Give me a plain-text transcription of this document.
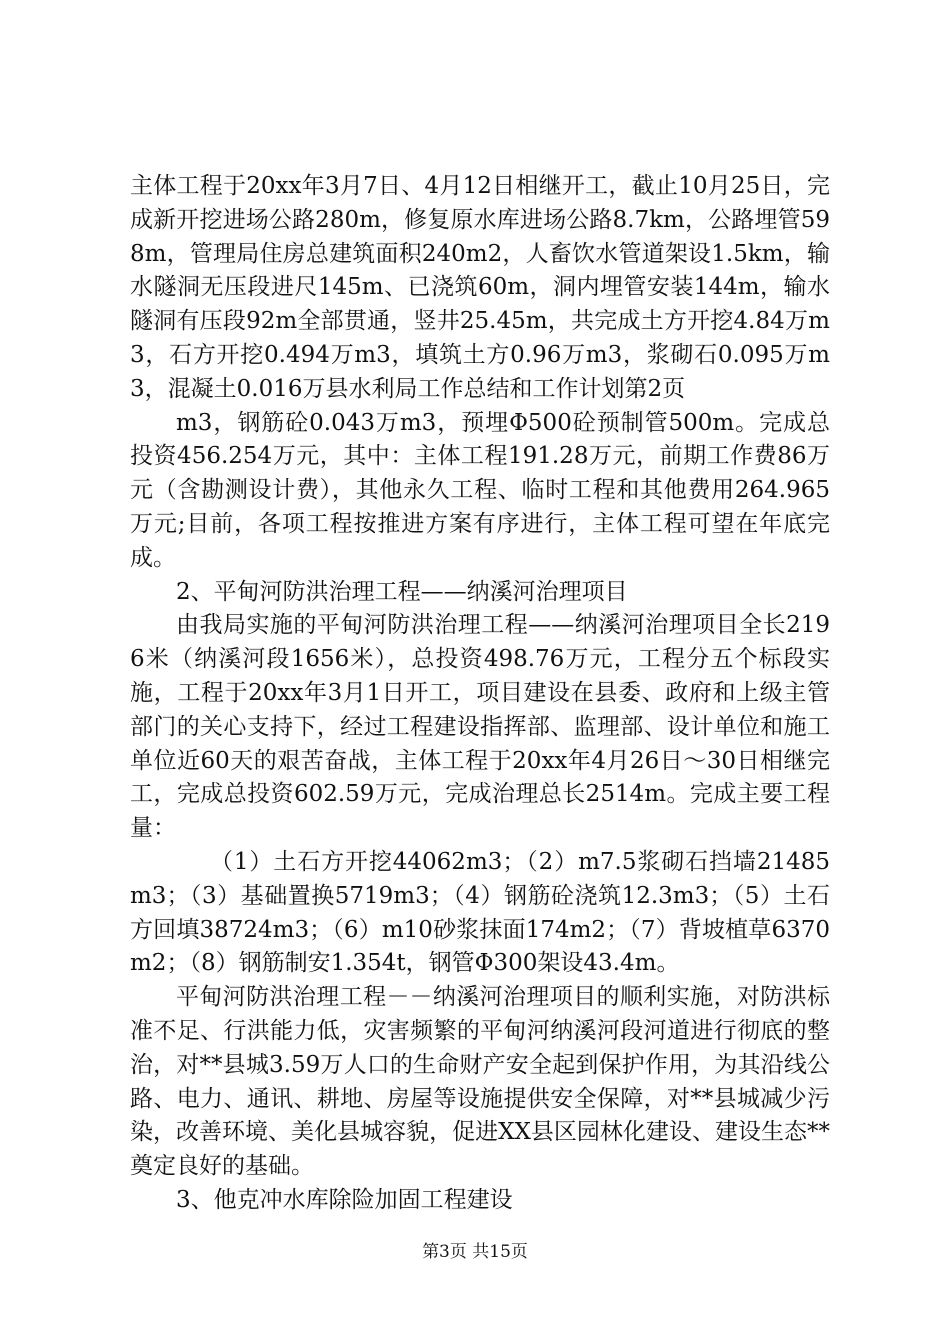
主体工程于20xx年3月7日、4月12日相继开工，截止10月25日，完成新开挖进场公路280m，修复原水库进场公路8.7km，公路埋管598m，管理局住房总建筑面积240m2，人畜饮水管道架设1.5km，输水隧洞无压段进尺145m、已浇筑60m，洞内埋管安装144m，输水隧洞有压段92m全部贯通，竖井25.45m，共完成土方开挖4.84万m3，石方开挖0.494万m3，填筑土方0.96万m3，浆砌石0.095万m3，混凝土0.016万县水利局工作总结和工作计划第2页

m3，钢筋砼0.043万m3，预埋Φ500砼预制管500m。完成总投资456.254万元，其中：主体工程191.28万元，前期工作费86万元（含勘测设计费），其他永久工程、临时工程和其他费用264.965万元;目前，各项工程按推进方案有序进行，主体工程可望在年底完成。

2、平甸河防洪治理工程——纳溪河治理项目

由我局实施的平甸河防洪治理工程——纳溪河治理项目全长2196米（纳溪河段1656米），总投资498.76万元，工程分五个标段实施，工程于20xx年3月1日开工，项目建设在县委、政府和上级主管部门的关心支持下，经过工程建设指挥部、监理部、设计单位和施工单位近60天的艰苦奋战，主体工程于20xx年4月26日～30日相继完工，完成总投资602.59万元，完成治理总长2514m。完成主要工程量：

（1）土石方开挖44062m3；（2）m7.5浆砌石挡墙21485m3；（3）基础置换5719m3；（4）钢筋砼浇筑12.3m3；（5）土石方回填38724m3；（6）m10砂浆抹面174m2；（7）背坡植草6370m2；（8）钢筋制安1.354t，钢管Φ300架设43.4m。

平甸河防洪治理工程－－纳溪河治理项目的顺利实施，对防洪标准不足、行洪能力低，灾害频繁的平甸河纳溪河段河道进行彻底的整治，对**县城3.59万人口的生命财产安全起到保护作用，为其沿线公路、电力、通讯、耕地、房屋等设施提供安全保障，对**县城减少污染，改善环境、美化县城容貌，促进XX县区园林化建设、建设生态**奠定良好的基础。

3、他克冲水库除险加固工程建设

第3页 共15页
